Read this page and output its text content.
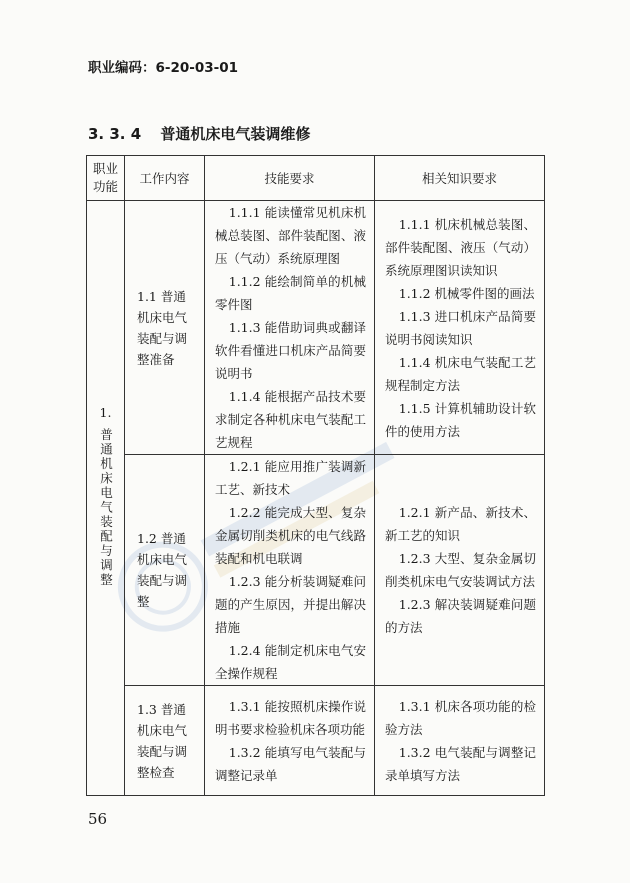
职业编码：6-20-03-01
3. 3. 4 普通机床电气装调维修
职业功能	工作内容	技能要求	相关知识要求

1.
普通机床电气装配与调整	1.1 普通机床电气装配与调整准备	1.1.1 能读懂常见机床机械总装图、部件装配图、液压（气动）系统原理图
1.1.2 能绘制简单的机械零件图
1.1.3 能借助词典或翻译软件看懂进口机床产品简要说明书
1.1.4 能根据产品技术要求制定各种机床电气装配工艺规程	1.1.1 机床机械总装图、部件装配图、液压（气动）系统原理图识读知识
1.1.2 机械零件图的画法
1.1.3 进口机床产品简要说明书阅读知识
1.1.4 机床电气装配工艺规程制定方法
1.1.5 计算机辅助设计软件的使用方法

	1.2 普通机床电气装配与调整	1.2.1 能应用推广装调新工艺、新技术
1.2.2 能完成大型、复杂金属切削类机床的电气线路装配和机电联调
1.2.3 能分析装调疑难问题的产生原因，并提出解决措施
1.2.4 能制定机床电气安全操作规程	1.2.1 新产品、新技术、新工艺的知识
1.2.3 大型、复杂金属切削类机床电气安装调试方法
1.2.3 解决装调疑难问题的方法

	1.3 普通机床电气装配与调整检查	1.3.1 能按照机床操作说明书要求检验机床各项功能
1.3.2 能填写电气装配与调整记录单	1.3.1 机床各项功能的检验方法
1.3.2 电气装配与调整记录单填写方法
56
